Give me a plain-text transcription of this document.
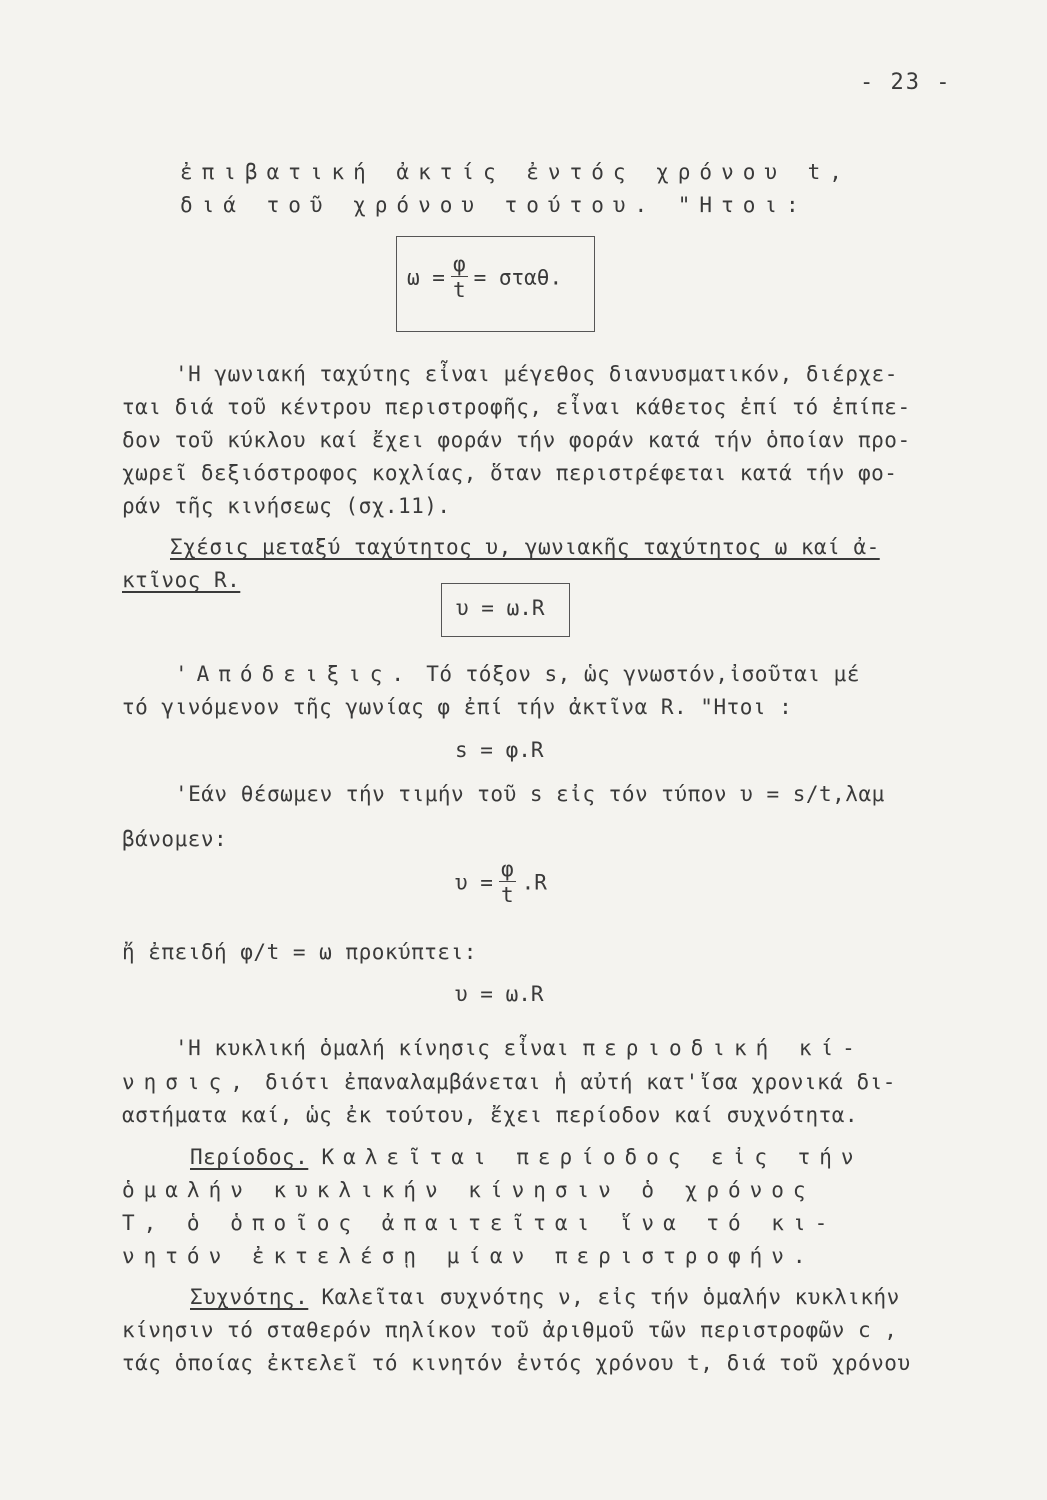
- 23 -
ἐπιβατική ἀκτίς ἐντός χρόνου t,
διά τοῦ χρόνου τούτου. "Ητοι:
$\omega = \frac{\varphi}{t} = \sigma\tau\alpha\theta$.
'Η γωνιακή ταχύτης εἶναι μέγεθος διανυσματικόν, διέρχε-
ται διά τοῦ κέντρου περιστροφῆς, εἶναι κάθετος ἐπί τό ἐπίπε-
δον τοῦ κύκλου καί ἔχει φοράν τήν φοράν κατά τήν ὁποίαν προ-
χωρεῖ δεξιόστροφος κοχλίας, ὅταν περιστρέφεται κατά τήν φο-
ράν τῆς κινήσεως (σχ.11).
Σχέσις μεταξύ ταχύτητος υ, γωνιακῆς ταχύτητος ω καί ἀ-
κτῖνος R.
υ = ω.R
'Απόδειξις. Τό τόξον s, ὡς γνωστόν,ἰσοῦται μέ
τό γινόμενον τῆς γωνίας φ ἐπί τήν ἀκτῖνα R. "Ητοι :
s = φ.R
'Εάν θέσωμεν τήν τιμήν τοῦ s εἰς τόν τύπον υ = s/t,λαμ
βάνομεν:
$\upsilon = \frac{\varphi}{t} .R$
ἤ ἐπειδή φ/t = ω προκύπτει:
υ = ω.R
'Η κυκλική ὁμαλή κίνησις εἶναι περιοδική κί-
νησις, διότι ἐπαναλαμβάνεται ἡ αὐτή κατ'ἴσα χρονικά δι-
αστήματα καί, ὡς ἐκ τούτου, ἔχει περίοδον καί συχνότητα.
Περίοδος. Καλεῖται περίοδος εἰς τήν
ὁμαλήν κυκλικήν κίνησιν ὁ χρόνος
T, ὁ ὁποῖος ἀπαιτεῖται ἵνα τό κι-
νητόν ἐκτελέσῃ μίαν περιστροφήν.
Συχνότης. Καλεῖται συχνότης ν, εἰς τήν ὁμαλήν κυκλικήν
κίνησιν τό σταθερόν πηλίκον τοῦ ἀριθμοῦ τῶν περιστροφῶν c ,
τάς ὁποίας ἐκτελεῖ τό κινητόν ἐντός χρόνου t, διά τοῦ χρόνου
